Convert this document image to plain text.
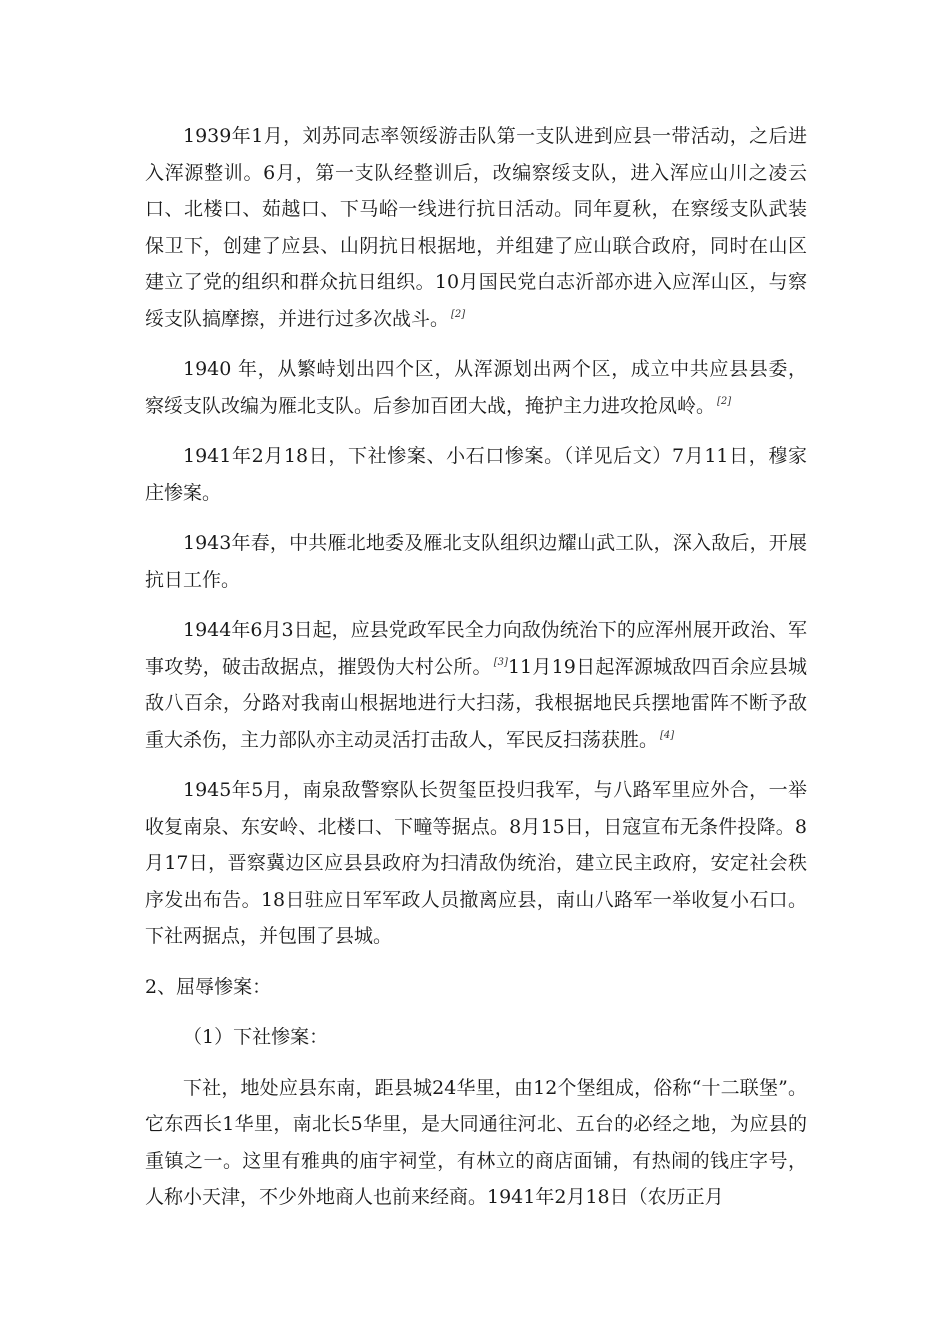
1939年1月，刘苏同志率领绥游击队第一支队进到应县一带活动，之后进入浑源整训。6月，第一支队经整训后，改编察绥支队，进入浑应山川之凌云口、北楼口、茹越口、下马峪一线进行抗日活动。同年夏秋，在察绥支队武装保卫下，创建了应县、山阴抗日根据地，并组建了应山联合政府，同时在山区建立了党的组织和群众抗日组织。10月国民党白志沂部亦进入应浑山区，与察绥支队搞摩擦，并进行过多次战斗。 [2]

1940 年，从繁峙划出四个区，从浑源划出两个区，成立中共应县县委，察绥支队改编为雁北支队。后参加百团大战，掩护主力进攻抢凤岭。 [2]

1941年2月18日，下社惨案、小石口惨案。（详见后文）7月11日，穆家庄惨案。

1943年春，中共雁北地委及雁北支队组织边耀山武工队，深入敌后，开展抗日工作。

1944年6月3日起，应县党政军民全力向敌伪统治下的应浑州展开政治、军事攻势，破击敌据点，摧毁伪大村公所。 [3]11月19日起浑源城敌四百余应县城敌八百余，分路对我南山根据地进行大扫荡，我根据地民兵摆地雷阵不断予敌重大杀伤，主力部队亦主动灵活打击敌人，军民反扫荡获胜。 [4]

1945年5月，南泉敌警察队长贺玺臣投归我军，与八路军里应外合，一举收复南泉、东安岭、北楼口、下疃等据点。8月15日，日寇宣布无条件投降。8月17日，晋察冀边区应县县政府为扫清敌伪统治，建立民主政府，安定社会秩序发出布告。18日驻应日军军政人员撤离应县，南山八路军一举收复小石口。下社两据点，并包围了县城。

2、屈辱惨案：

（1）下社惨案：

下社，地处应县东南，距县城24华里，由12个堡组成，俗称“十二联堡”。它东西长1华里，南北长5华里，是大同通往河北、五台的必经之地，为应县的重镇之一。这里有雅典的庙宇祠堂，有林立的商店面铺，有热闹的钱庄字号，人称小天津，不少外地商人也前来经商。1941年2月18日（农历正月
